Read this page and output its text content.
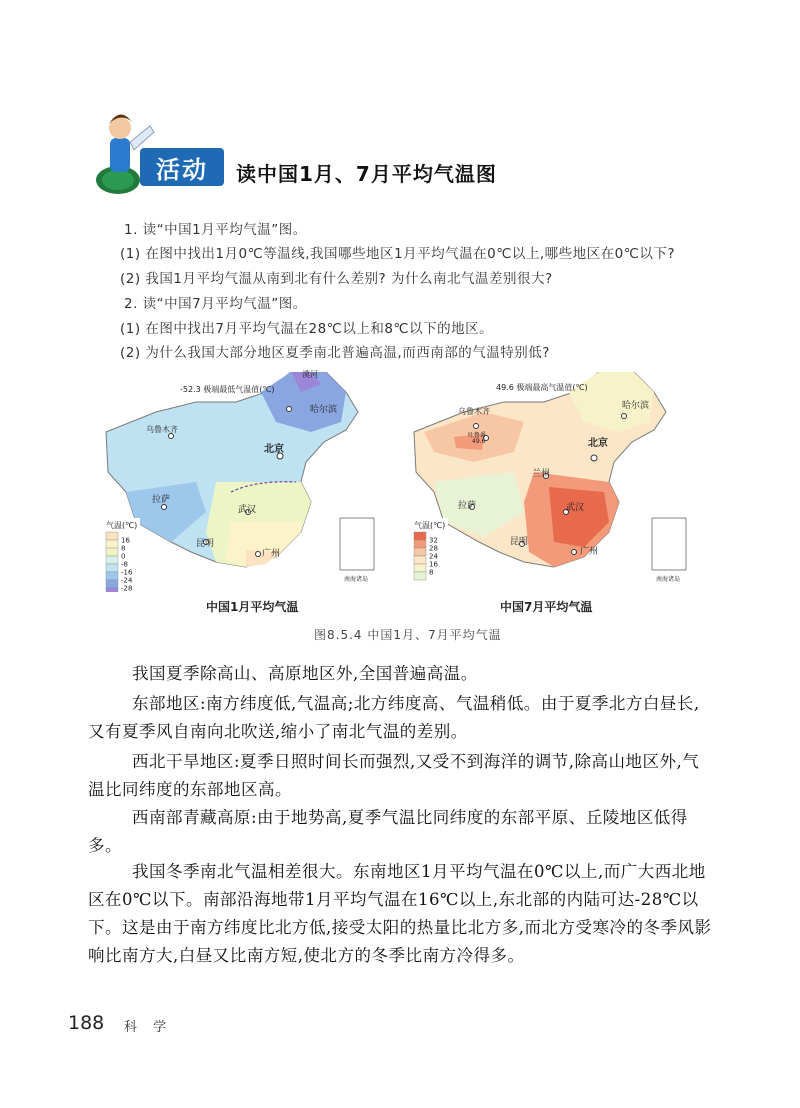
活动	读中国1月、7月平均气温图
1. 读“中国1月平均气温”图。
(1) 在图中找出1月0℃等温线,我国哪些地区1月平均气温在0℃以上,哪些地区在0℃以下?
(2) 我国1月平均气温从南到北有什么差别? 为什么南北气温差别很大?
2. 读“中国7月平均气温”图。
(1) 在图中找出7月平均气温在28℃以上和8℃以下的地区。
(2) 为什么我国大部分地区夏季南北普遍高温,而西南部的气温特别低?
气温(℃)
16
8
0
-8
-16
-24
-28
-52.3 极端最低气温值(℃)
漠河
哈尔滨
乌鲁木齐
北京
拉萨
武汉
昆明
广州
南海诸岛
中国1月平均气温
气温(℃)
32
28
24
16
8
49.6 极端最高气温值(℃)
乌鲁木齐
吐鲁番
49.6
哈尔滨
北京
兰州
拉萨	武汉
昆明
广州
南海诸岛
中国7月平均气温
图8.5.4 中国1月、7月平均气温
我国夏季除高山、高原地区外,全国普遍高温。
东部地区:南方纬度低,气温高;北方纬度高、气温稍低。由于夏季北方白昼长,又有夏季风自南向北吹送,缩小了南北气温的差别。
西北干旱地区:夏季日照时间长而强烈,又受不到海洋的调节,除高山地区外,气温比同纬度的东部地区高。
西南部青藏高原:由于地势高,夏季气温比同纬度的东部平原、丘陵地区低得多。
我国冬季南北气温相差很大。东南地区1月平均气温在0℃以上,而广大西北地区在0℃以下。南部沿海地带1月平均气温在16℃以上,东北部的内陆可达-28℃以下。这是由于南方纬度比北方低,接受太阳的热量比北方多,而北方受寒冷的冬季风影响比南方大,白昼又比南方短,使北方的冬季比南方冷得多。
188 科 学
